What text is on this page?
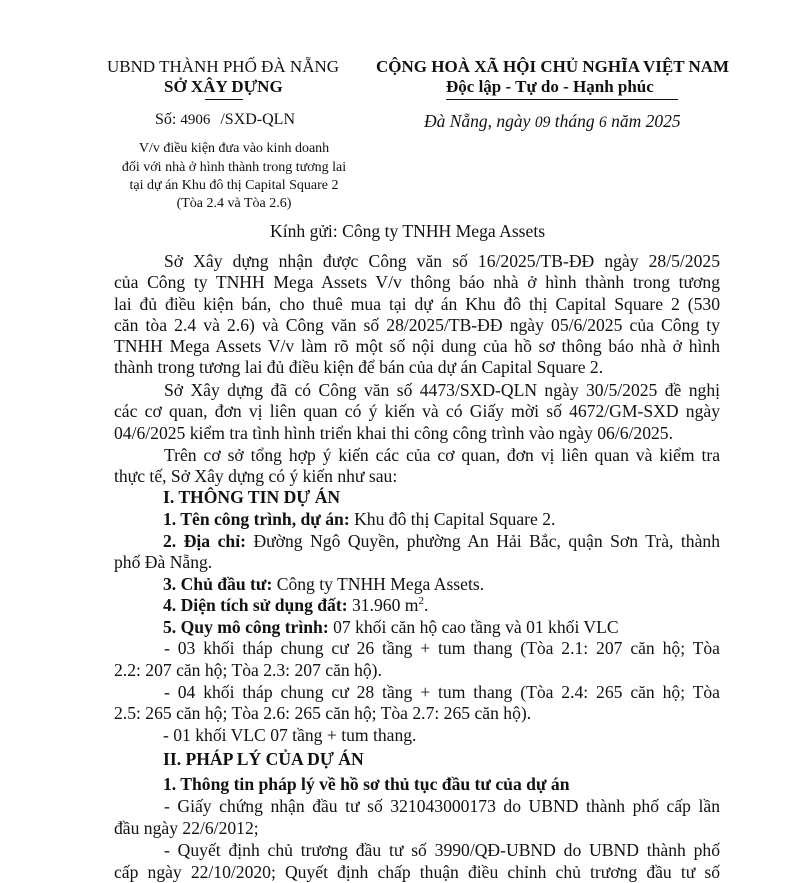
UBND THÀNH PHỐ ĐÀ NẴNG
SỞ XÂY DỰNG
CỘNG HOÀ XÃ HỘI CHỦ NGHĨA VIỆT NAM
Độc lập - Tự do - Hạnh phúc
Số: 4906 /SXD-QLN	Đà Nẵng, ngày 09 tháng 6 năm 2025
V/v điều kiện đưa vào kinh doanh
đối với nhà ở hình thành trong tương lai
tại dự án Khu đô thị Capital Square 2
(Tòa 2.4 và Tòa 2.6)
Kính gửi: Công ty TNHH Mega Assets
Sở Xây dựng nhận được Công văn số 16/2025/TB-ĐĐ ngày 28/5/2025
của Công ty TNHH Mega Assets V/v thông báo nhà ở hình thành trong tương
lai đủ điều kiện bán, cho thuê mua tại dự án Khu đô thị Capital Square 2 (530
căn tòa 2.4 và 2.6) và Công văn số 28/2025/TB-ĐĐ ngày 05/6/2025 của Công ty
TNHH Mega Assets V/v làm rõ một số nội dung của hồ sơ thông báo nhà ở hình
thành trong tương lai đủ điều kiện để bán của dự án Capital Square 2.
Sở Xây dựng đã có Công văn số 4473/SXD-QLN ngày 30/5/2025 đề nghị
các cơ quan, đơn vị liên quan có ý kiến và có Giấy mời số 4672/GM-SXD ngày
04/6/2025 kiểm tra tình hình triển khai thi công công trình vào ngày 06/6/2025.
Trên cơ sở tổng hợp ý kiến các của cơ quan, đơn vị liên quan và kiểm tra
thực tế, Sở Xây dựng có ý kiến như sau:
I. THÔNG TIN DỰ ÁN
1. Tên công trình, dự án: Khu đô thị Capital Square 2.
2. Địa chỉ: Đường Ngô Quyền, phường An Hải Bắc, quận Sơn Trà, thành
phố Đà Nẵng.
3. Chủ đầu tư: Công ty TNHH Mega Assets.
4. Diện tích sử dụng đất: 31.960 $m^2$.
5. Quy mô công trình: 07 khối căn hộ cao tầng và 01 khối VLC
- 03 khối tháp chung cư 26 tầng + tum thang (Tòa 2.1: 207 căn hộ; Tòa
2.2: 207 căn hộ; Tòa 2.3: 207 căn hộ).
- 04 khối tháp chung cư 28 tầng + tum thang (Tòa 2.4: 265 căn hộ; Tòa
2.5: 265 căn hộ; Tòa 2.6: 265 căn hộ; Tòa 2.7: 265 căn hộ).
- 01 khối VLC 07 tầng + tum thang.
II. PHÁP LÝ CỦA DỰ ÁN
1. Thông tin pháp lý về hồ sơ thủ tục đầu tư của dự án
- Giấy chứng nhận đầu tư số 321043000173 do UBND thành phố cấp lần
đầu ngày 22/6/2012;
- Quyết định chủ trương đầu tư số 3990/QĐ-UBND do UBND thành phố
cấp ngày 22/10/2020; Quyết định chấp thuận điều chỉnh chủ trương đầu tư số
